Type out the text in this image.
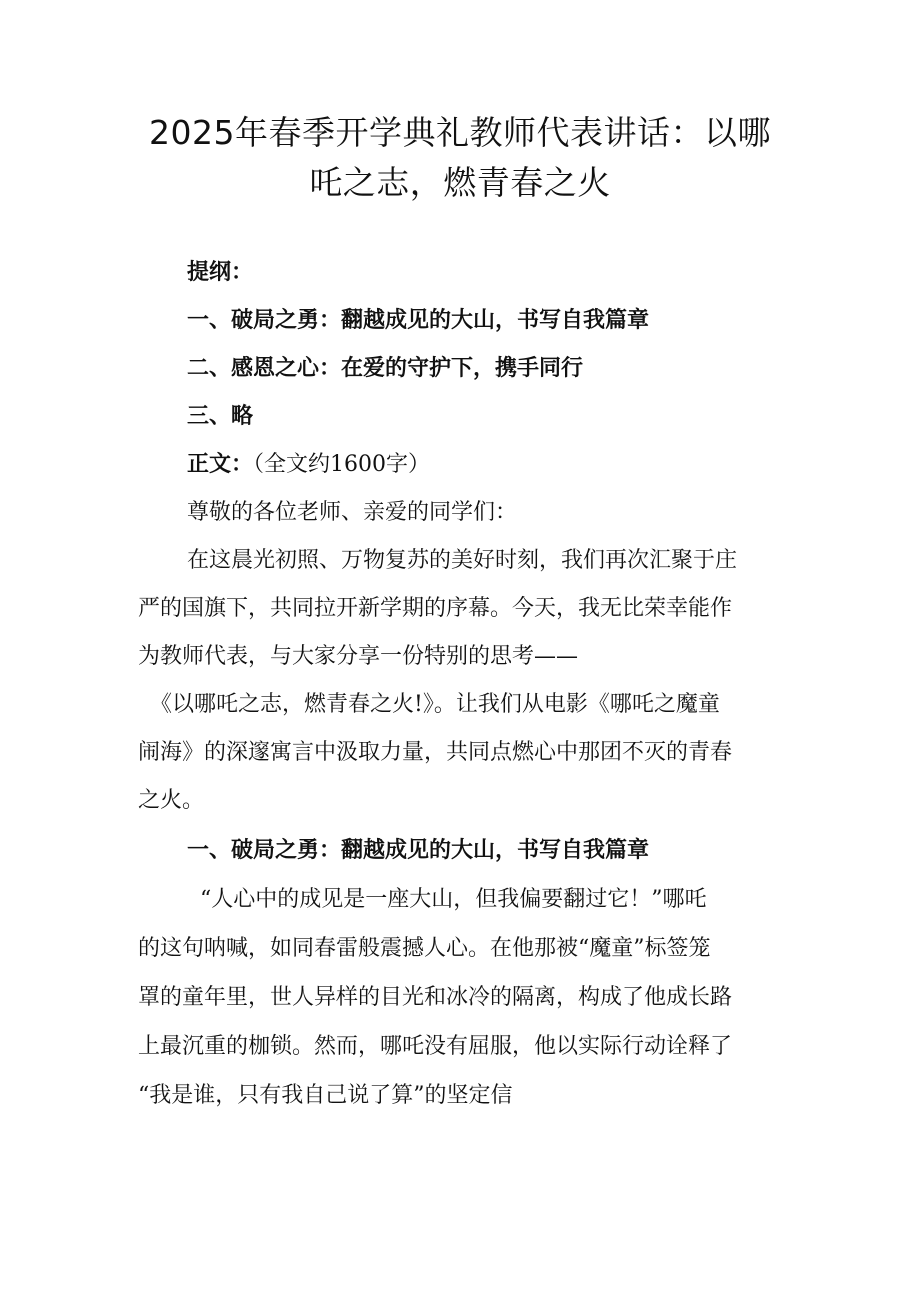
2025年春季开学典礼教师代表讲话：以哪
吒之志，燃青春之火
提纲：
一、破局之勇：翻越成见的大山，书写自我篇章
二、感恩之心：在爱的守护下，携手同行
三、略
正文：（全文约1600字）
尊敬的各位老师、亲爱的同学们：
在这晨光初照、万物复苏的美好时刻，我们再次汇聚于庄
严的国旗下，共同拉开新学期的序幕。今天，我无比荣幸能作
为教师代表，与大家分享一份特别的思考——
《以哪吒之志，燃青春之火!》。让我们从电影《哪吒之魔童
闹海》的深邃寓言中汲取力量，共同点燃心中那团不灭的青春
之火。
一、破局之勇：翻越成见的大山，书写自我篇章
“人心中的成见是一座大山，但我偏要翻过它！”哪吒
的这句呐喊，如同春雷般震撼人心。在他那被“魔童”标签笼
罩的童年里，世人异样的目光和冰冷的隔离，构成了他成长路
上最沉重的枷锁。然而，哪吒没有屈服，他以实际行动诠释了
“我是谁，只有我自己说了算”的坚定信
